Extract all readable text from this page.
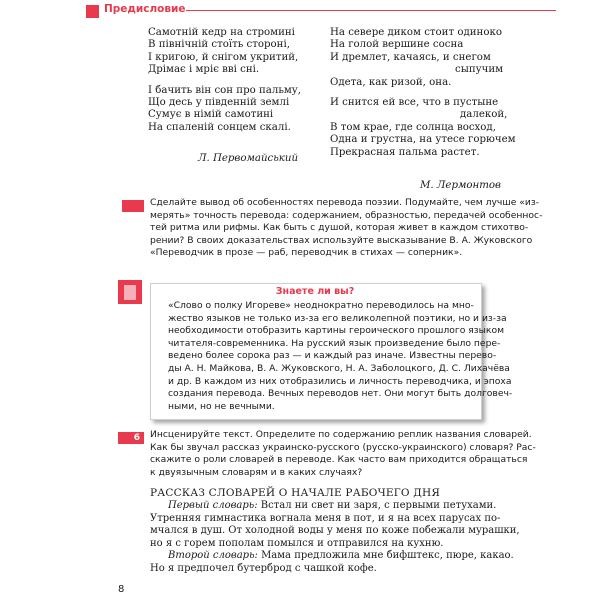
Предисловие
Самотній кедр на стромині
В північній стоїть стороні,
І кригою, й снігом укритий,
Дрімає і мріє вві сні.
І бачить він сон про пальму,
Що десь у південній землі
Сумує в німій самотині
На спаленій сонцем скалі.
Л. Первомайський
На севере диком стоит одиноко
На голой вершине сосна
И дремлет, качаясь, и снегом
сыпучим
Одета, как ризой, она.
И снится ей все, что в пустыне
далекой,
В том крае, где солнца восход,
Одна и грустна, на утесе горючем
Прекрасная пальма растет.
М. Лермонтов
Сделайте вывод об особенностях перевода поэзии. Подумайте, чем лучше «из-
мерять» точность перевода: содержанием, образностью, передачей особеннос-
тей ритма или рифмы. Как быть с душой, которая живет в каждом стихотво-
рении? В своих доказательствах используйте высказывание В. А. Жуковского
«Переводчик в прозе — раб, переводчик в стихах — соперник».
Знаете ли вы?
«Слово о полку Игореве» неоднократно переводилось на мно-
жество языков не только из-за его великолепной поэтики, но и из-за
необходимости отобразить картины героического прошлого языком
читателя-современника. На русский язык произведение было пере-
ведено более сорока раз — и каждый раз иначе. Известны перево-
ды А. Н. Майкова, В. А. Жуковского, Н. А. Заболоцкого, Д. С. Лихачёва
и др. В каждом из них отобразились и личность переводчика, и эпоха
создания перевода. Вечных переводов нет. Они могут быть долговеч-
ными, но не вечными.
6	Инсценируйте текст. Определите по содержанию реплик названия словарей.
Как бы звучал рассказ украинско-русского (русско-украинского) словаря? Рас-
скажите о роли словарей в переводе. Как часто вам приходится обращаться
к двуязычным словарям и в каких случаях?
РАССКАЗ СЛОВАРЕЙ О НАЧАЛЕ РАБОЧЕГО ДНЯ
Первый словарь: Встал ни свет ни заря, с первыми петухами.
Утренняя гимнастика вогнала меня в пот, и я на всех парусах по-
мчался в душ. От холодной воды у меня по коже побежали мурашки,
но я с горем пополам помылся и отправился на кухню.
Второй словарь: Мама предложила мне бифштекс, пюре, какао.
Но я предпочел бутерброд с чашкой кофе.
8
